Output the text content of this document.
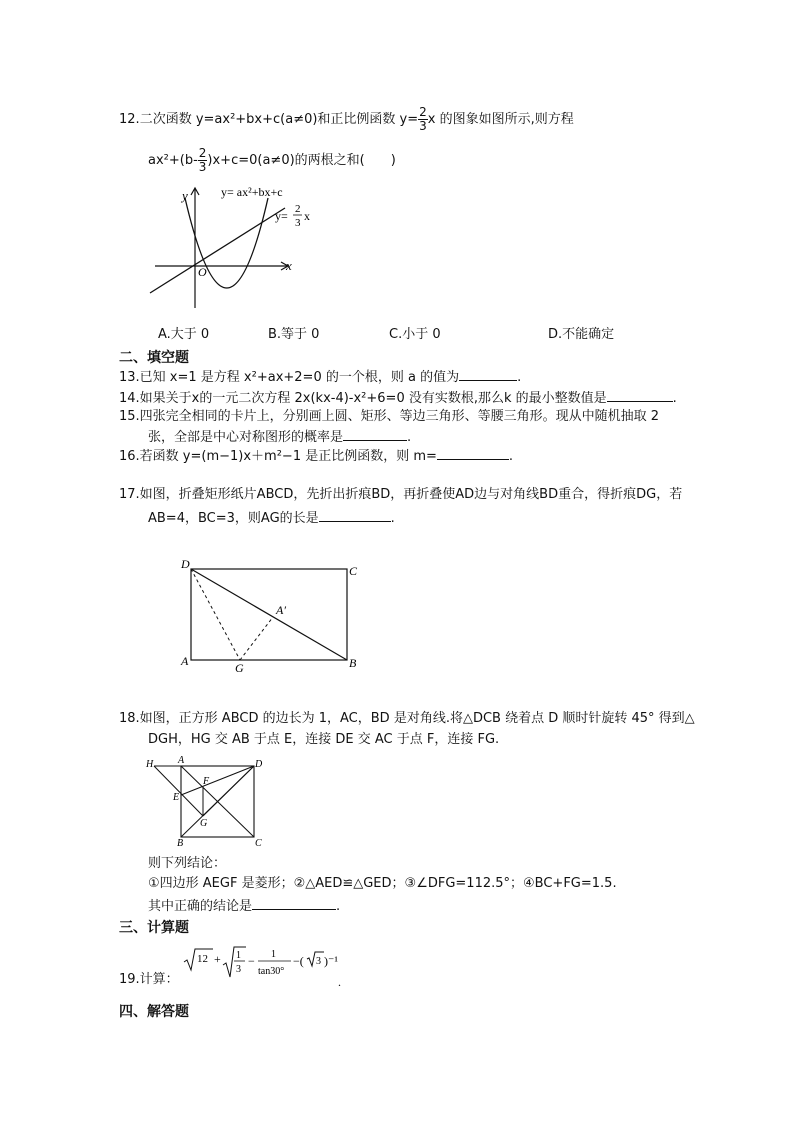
12.二次函数 y=ax²+bx+c(a≠0)和正比例函数 $y= \frac{2}{3}$ x 的图象如图所示,则方程
$ax^2+(b- \frac{2}{3} )x+c=0(a\ne 0)$的两根之和(　　)
y
x
O
y= ax²+bx+c
y= 2
3 x
A.大于 0	B.等于 0	C.小于 0	D.不能确定
二、填空题
13.已知 x=1 是方程 x²+ax+2=0 的一个根，则 a 的值为	.
14.如果关于x的一元二次方程 2x(kx-4)-x²+6=0 没有实数根,那么k 的最小整数值是	.
15.四张完全相同的卡片上，分别画上圆、矩形、等边三角形、等腰三角形。现从中随机抽取 2
张，全部是中心对称图形的概率是	.
16.若函数 y=(m−1)x＋m²−1 是正比例函数，则 m=	.
17.如图，折叠矩形纸片ABCD，先折出折痕BD，再折叠使AD边与对角线BD重合，得折痕DG，若
AB=4，BC=3，则AG的长是	.
D	C
A	B
G
A′
18.如图，正方形 ABCD 的边长为 1，AC，BD 是对角线.将△DCB 绕着点 D 顺时针旋转 45° 得到△
DGH，HG 交 AB 于点 E，连接 DE 交 AC 于点 F，连接 FG.
H A	D
F
E
G
B	C
则下列结论：
①四边形 AEGF 是菱形；②△AED≌△GED；③∠DFG=112.5°；④BC+FG=1.5.
其中正确的结论是	.
三、计算题
19.计算：
12 + 1
3
− 1
tan30°
−( 3 )⁻¹
.
四、解答题
